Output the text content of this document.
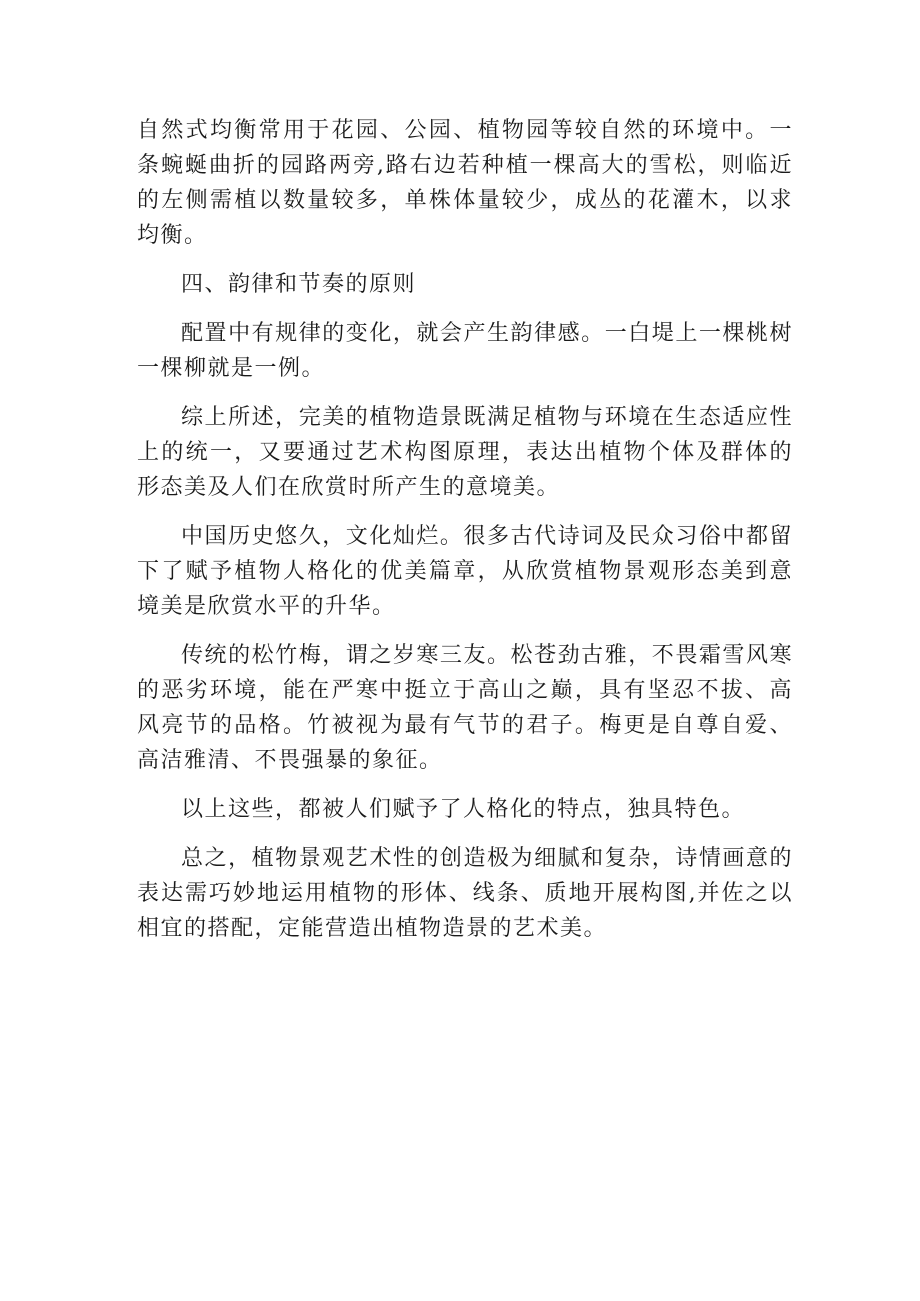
自然式均衡常用于花园、公园、植物园等较自然的环境中。一条蜿蜒曲折的园路两旁,路右边若种植一棵高大的雪松，则临近的左侧需植以数量较多，单株体量较少，成丛的花灌木，以求均衡。

四、韵律和节奏的原则

配置中有规律的变化，就会产生韵律感。一白堤上一棵桃树一棵柳就是一例。

综上所述，完美的植物造景既满足植物与环境在生态适应性上的统一，又要通过艺术构图原理，表达出植物个体及群体的形态美及人们在欣赏时所产生的意境美。

中国历史悠久，文化灿烂。很多古代诗词及民众习俗中都留下了赋予植物人格化的优美篇章，从欣赏植物景观形态美到意境美是欣赏水平的升华。

传统的松竹梅，谓之岁寒三友。松苍劲古雅，不畏霜雪风寒的恶劣环境，能在严寒中挺立于高山之巅，具有坚忍不拔、高风亮节的品格。竹被视为最有气节的君子。梅更是自尊自爱、高洁雅清、不畏强暴的象征。

以上这些，都被人们赋予了人格化的特点，独具特色。

总之，植物景观艺术性的创造极为细腻和复杂，诗情画意的表达需巧妙地运用植物的形体、线条、质地开展构图,并佐之以相宜的搭配，定能营造出植物造景的艺术美。
